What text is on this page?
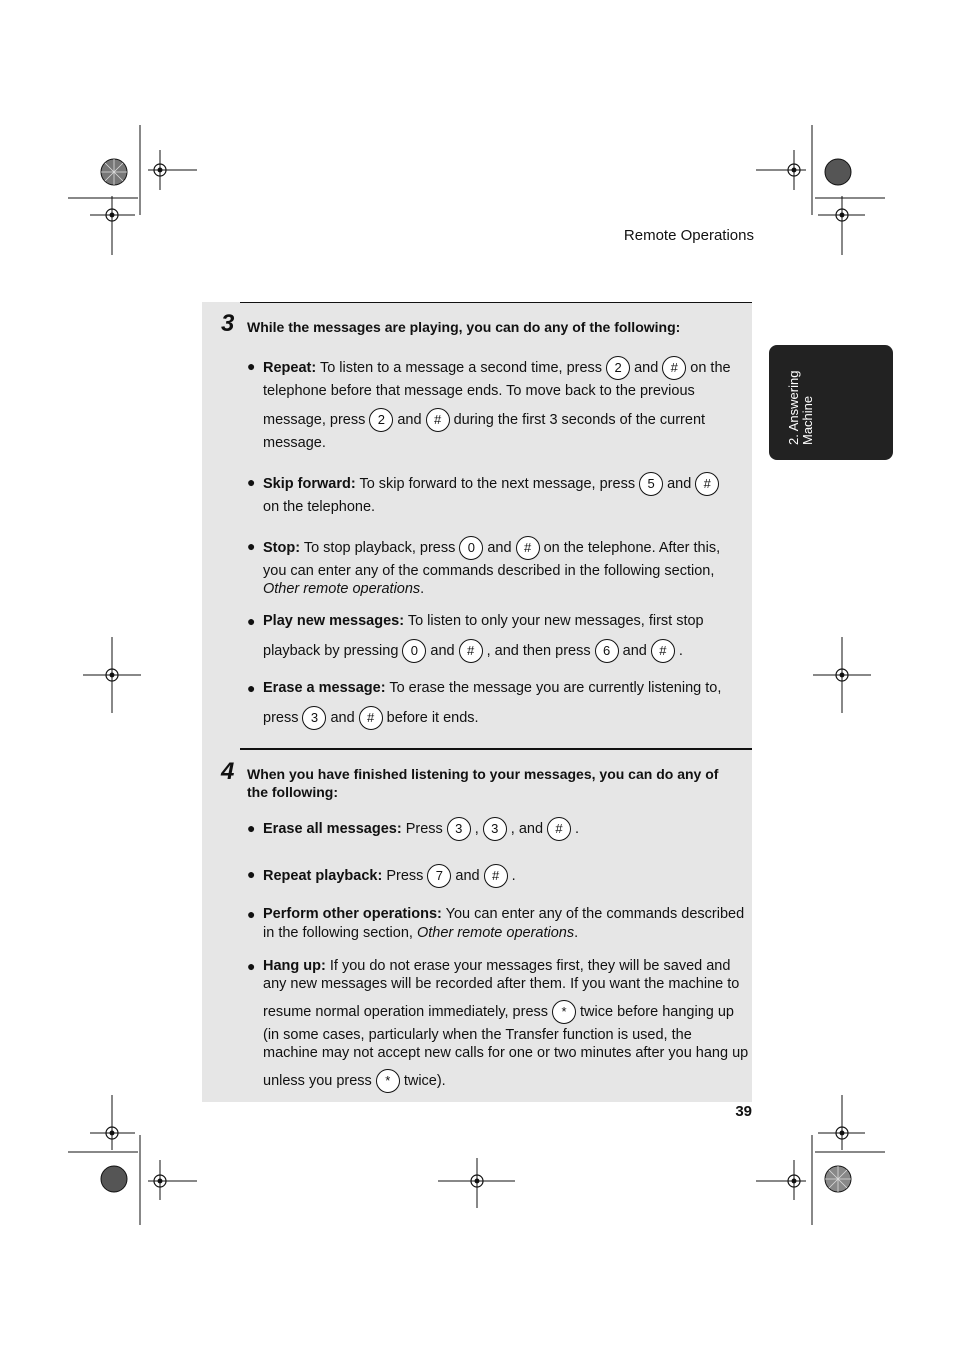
Remote Operations
2. Answering
Machine
3 While the messages are playing, you can do any of the following:
● Repeat: To listen to a message a second time, press 2 and # on the
telephone before that message ends. To move back to the previous
message, press 2 and # during the first 3 seconds of the current
message.
● Skip forward: To skip forward to the next message, press 5 and #
on the telephone.
● Stop: To stop playback, press 0 and # on the telephone. After this,
you can enter any of the commands described in the following section,
Other remote operations.
● Play new messages: To listen to only your new messages, first stop
playback by pressing 0 and # , and then press 6 and # .
● Erase a message: To erase the message you are currently listening to,
press 3 and # before it ends.
4 When you have finished listening to your messages, you can do any of the following:
● Erase all messages: Press 3 , 3 , and # .
● Repeat playback: Press 7 and # .
● Perform other operations: You can enter any of the commands described
in the following section, Other remote operations.
● Hang up: If you do not erase your messages first, they will be saved and
any new messages will be recorded after them. If you want the machine to
resume normal operation immediately, press * twice before hanging up
(in some cases, particularly when the Transfer function is used, the
machine may not accept new calls for one or two minutes after you hang up
unless you press * twice).
39
